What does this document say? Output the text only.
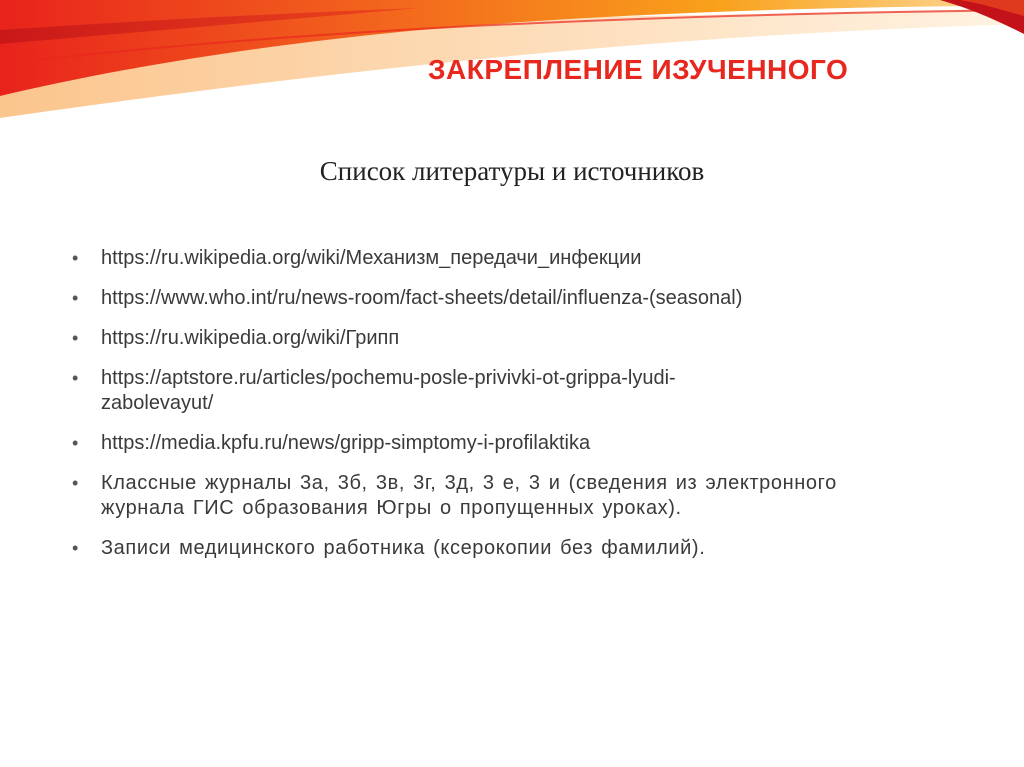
ЗАКРЕПЛЕНИЕ ИЗУЧЕННОГО
Список литературы и источников
• https://ru.wikipedia.org/wiki/Механизм_передачи_инфекции
• https://www.who.int/ru/news-room/fact-sheets/detail/influenza-(seasonal)
• https://ru.wikipedia.org/wiki/Грипп
• https://aptstore.ru/articles/pochemu-posle-privivki-ot-grippa-lyudi-
zabolevayut/
• https://media.kpfu.ru/news/gripp-simptomy-i-profilaktika
• Классные журналы 3а, 3б, 3в, 3г, 3д, 3 е, 3 и (сведения из электронного
журнала ГИС образования Югры о пропущенных уроках).
• Записи медицинского работника (ксерокопии без фамилий).
